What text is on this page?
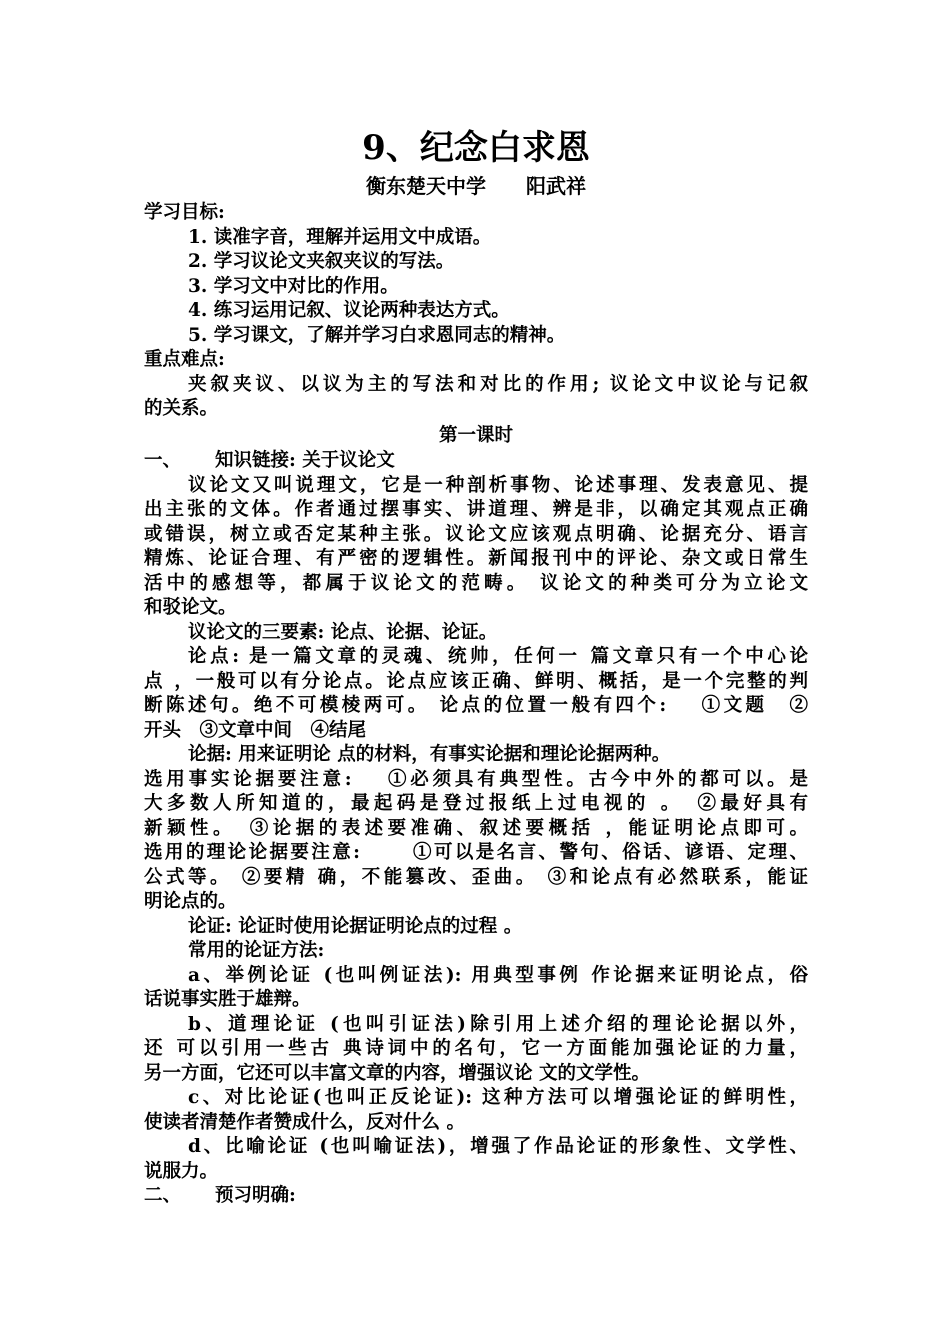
9、纪念白求恩
衡东楚天中学　　阳武祥
学习目标:
1. 读准字音，理解并运用文中成语。
2. 学习议论文夹叙夹议的写法。
3. 学习文中对比的作用。
4. 练习运用记叙、议论两种表达方式。
5. 学习课文，了解并学习白求恩同志的精神。
重点难点:
夹叙夹议、以议为主的写法和对比的作用; 议论文中议论与记叙
的关系。
第一课时
一、 知识链接: 关于议论文
议论文又叫说理文，它是一种剖析事物、论述事理、发表意见、提
出主张的文体。作者通过摆事实、讲道理、辨是非，以确定其观点正确
或错误，树立或否定某种主张。议论文应该观点明确、论据充分、语言
精炼、论证合理、有严密的逻辑性。新闻报刊中的评论、杂文或日常生
活中的感想等，都属于议论文的范畴。 议论文的种类可分为立论文
和驳论文。
议论文的三要素: 论点、论据、论证。
论点: 是一篇文章的灵魂、统帅，任何一 篇文章只有一个中心论
点 ，一般可以有分论点。论点应该正确、鲜明、概括，是一个完整的判
断陈述句。绝不可模棱两可。 论点的位置一般有四个:　 ①文题　②
开头　③文章中间　④结尾
论据: 用来证明论 点的材料，有事实论据和理论论据两种。
选用事实论据要注意:　 ①必须具有典型性。古今中外的都可以。是
大多数人所知道的，最起码是登过报纸上过电视的 。　②最好具有
新颖性。　③论据的表述要准确、叙述要概括 ，能证明论点即可。
选用的理论论据要注意:　　 ①可以是名言、警句、俗话、谚语、定理、
公式等。 ②要精 确，不能篡改、歪曲。 ③和论点有必然联系，能证
明论点的。
论证: 论证时使用论据证明论点的过程 。
常用的论证方法:
a、举例论证 (也叫例证法): 用典型事例 作论据来证明论点，俗
话说事实胜于雄辩。
b、道理论证 (也叫引证法)除引用上述介绍的理论论据以外，
还 可以引用一些古 典诗词中的名句，它一方面能加强论证的力量，
另一方面，它还可以丰富文章的内容，增强议论 文的文学性。
c、对比论证(也叫正反论证): 这种方法可以增强论证的鲜明性，
使读者清楚作者赞成什么，反对什么 。
d、比喻论证 (也叫喻证法)，增强了作品论证的形象性、文学性、
说服力。
二、 预习明确:
